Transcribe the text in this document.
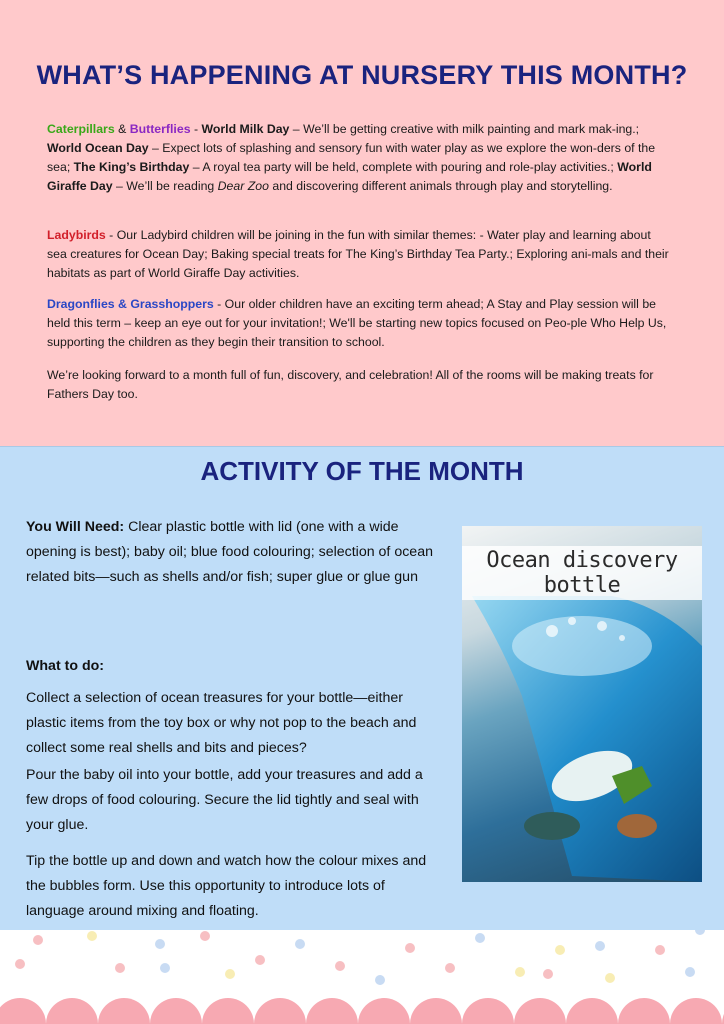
WHAT’S HAPPENING AT NURSERY THIS MONTH?
Caterpillars & Butterflies - World Milk Day – We’ll be getting creative with milk painting and mark mak-ing.; World Ocean Day – Expect lots of splashing and sensory fun with water play as we explore the won-ders of the sea; The King’s Birthday – A royal tea party will be held, complete with pouring and role-play activities.; World Giraffe Day – We’ll be reading Dear Zoo and discovering different animals through play and storytelling.
Ladybirds - Our Ladybird children will be joining in the fun with similar themes: - Water play and learning about sea creatures for Ocean Day; Baking special treats for The King’s Birthday Tea Party.; Exploring ani-mals and their habitats as part of World Giraffe Day activities.
Dragonflies & Grasshoppers - Our older children have an exciting term ahead; A Stay and Play session will be held this term – keep an eye out for your invitation!; We'll be starting new topics focused on Peo-ple Who Help Us, supporting the children as they begin their transition to school.
We’re looking forward to a month full of fun, discovery, and celebration! All of the rooms will be making treats for Fathers Day too.
ACTIVITY OF THE MONTH
You Will Need: Clear plastic bottle with lid (one with a wide opening is best); baby oil; blue food colouring; selection of ocean related bits—such as shells and/or fish; super glue or glue gun
What to do:
Collect a selection of ocean treasures for your bottle—either plastic items from the toy box or why not pop to the beach and collect some real shells and bits and pieces?
Pour the baby oil into your bottle, add your treasures and add a few drops of food colouring. Secure the lid tightly and seal with your glue.
Tip the bottle up and down and watch how the colour mixes and the bubbles form. Use this opportunity to introduce lots of language around mixing and floating.
Ocean discovery bottle
